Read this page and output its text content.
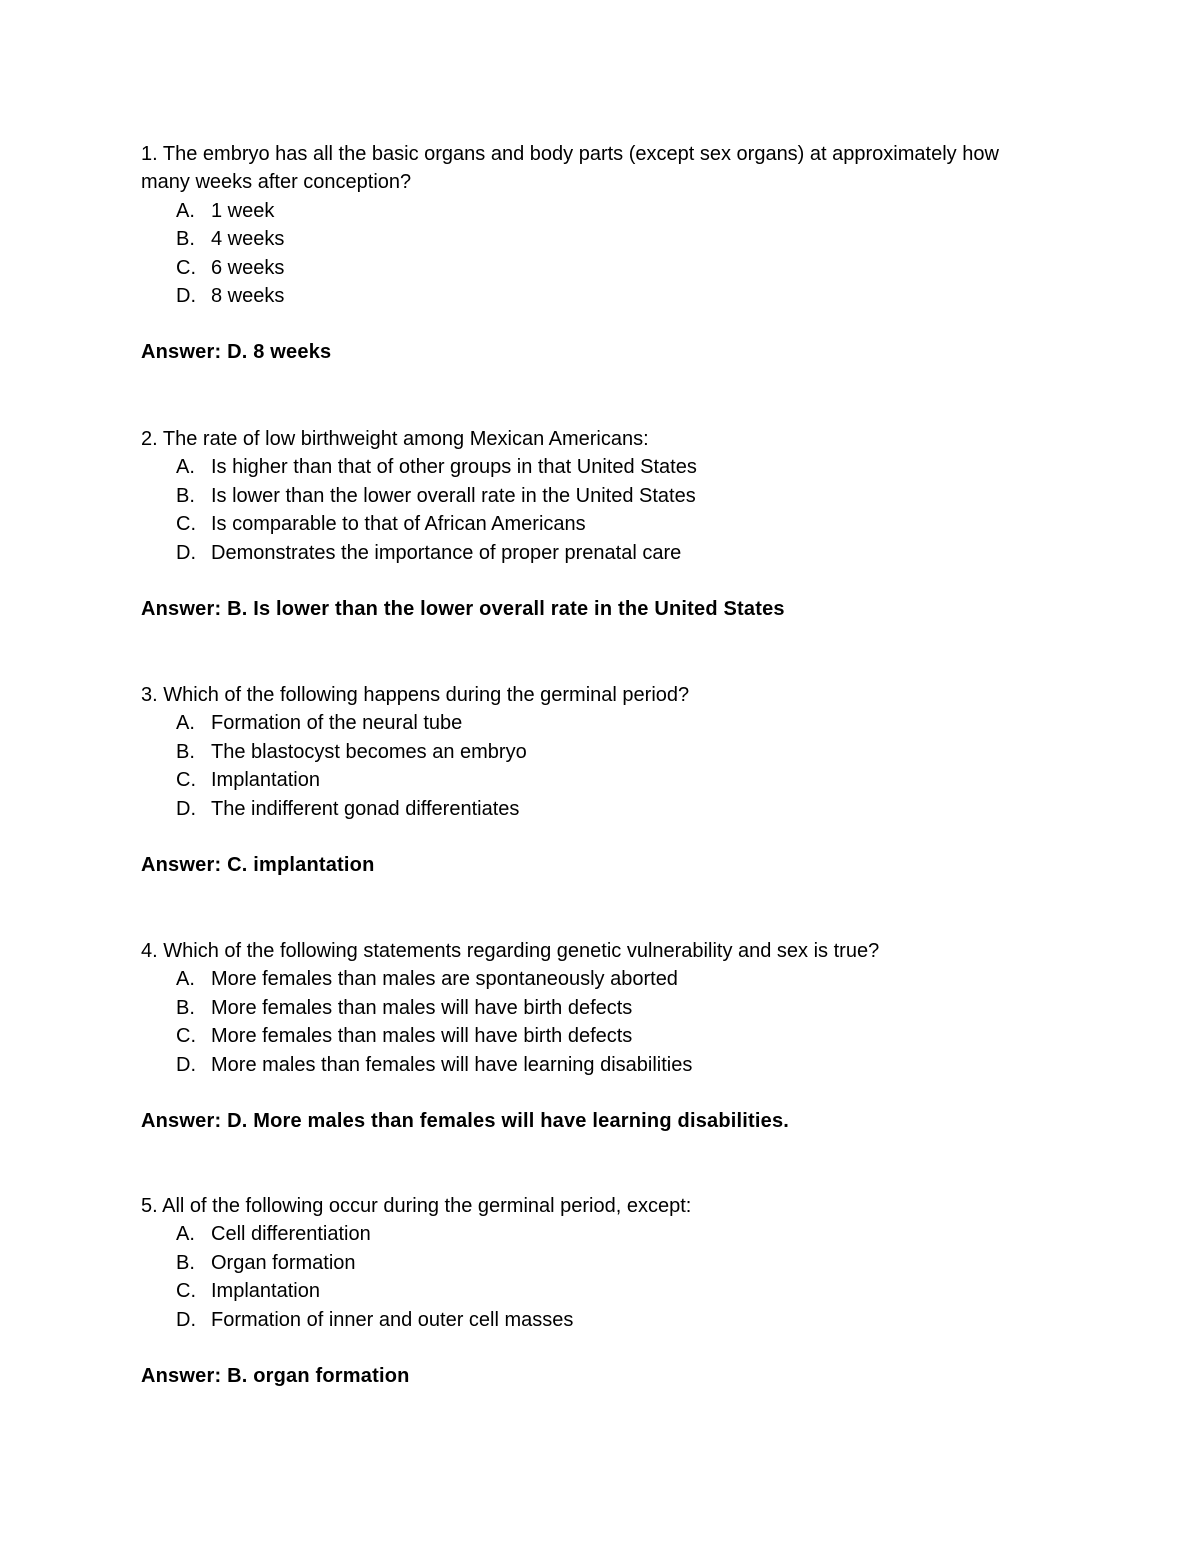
1. The embryo has all the basic organs and body parts (except sex organs) at approximately how many weeks after conception?

A. 1 week
B. 4 weeks
C. 6 weeks
D. 8 weeks
Answer: D. 8 weeks

2. The rate of low birthweight among Mexican Americans:

A. Is higher than that of other groups in that United States
B. Is lower than the lower overall rate in the United States
C. Is comparable to that of African Americans
D. Demonstrates the importance of proper prenatal care
Answer: B. Is lower than the lower overall rate in the United States

3. Which of the following happens during the germinal period?

A. Formation of the neural tube
B. The blastocyst becomes an embryo
C. Implantation
D. The indifferent gonad differentiates
Answer: C. implantation

4. Which of the following statements regarding genetic vulnerability and sex is true?

A. More females than males are spontaneously aborted
B. More females than males will have birth defects
C. More females than males will have birth defects
D. More males than females will have learning disabilities
Answer: D. More males than females will have learning disabilities.

5. All of the following occur during the germinal period, except:

A. Cell differentiation
B. Organ formation
C. Implantation
D. Formation of inner and outer cell masses
Answer: B. organ formation
